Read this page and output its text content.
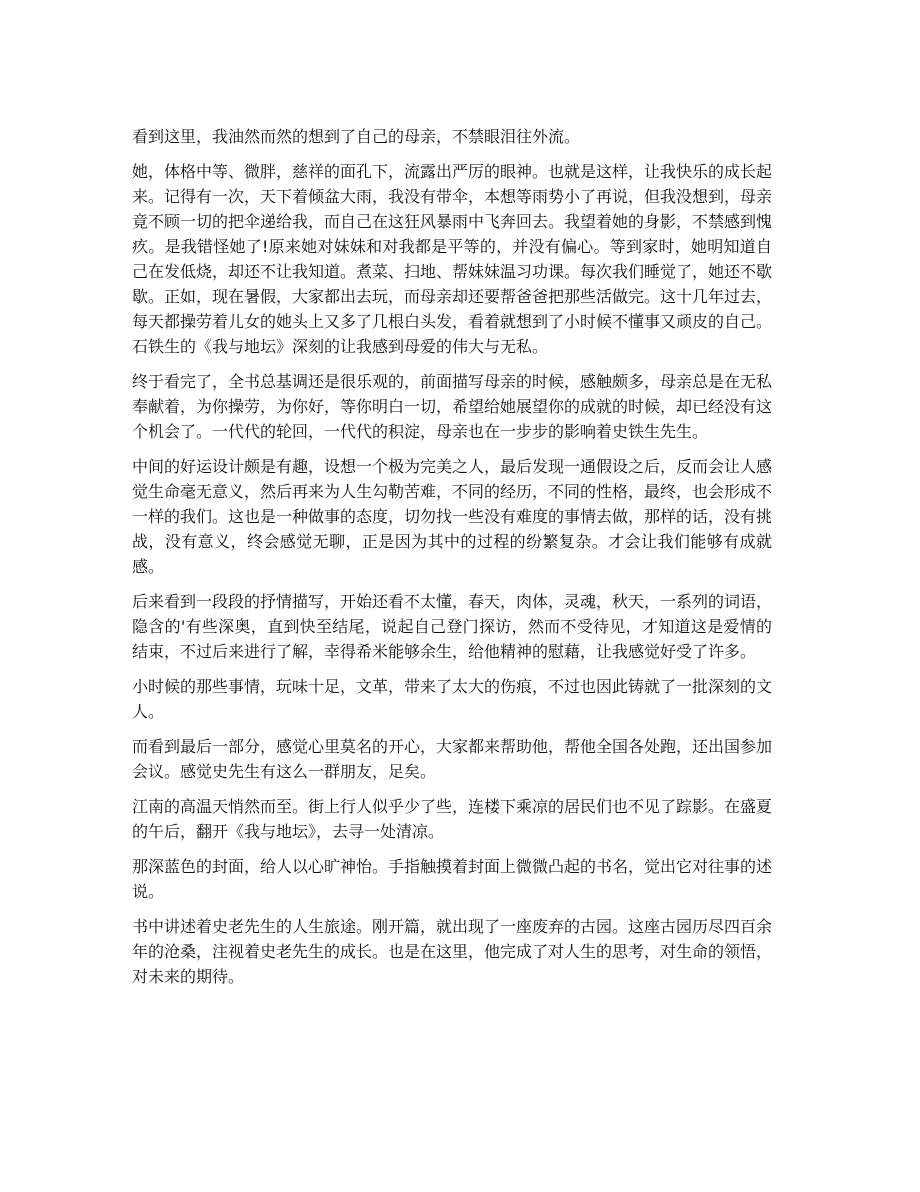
看到这里，我油然而然的想到了自己的母亲，不禁眼泪往外流。

她，体格中等、微胖，慈祥的面孔下，流露出严厉的眼神。也就是这样，让我快乐的成长起来。记得有一次，天下着倾盆大雨，我没有带伞，本想等雨势小了再说，但我没想到，母亲竟不顾一切的把伞递给我，而自己在这狂风暴雨中飞奔回去。我望着她的身影，不禁感到愧疚。是我错怪她了!原来她对妹妹和对我都是平等的，并没有偏心。等到家时，她明知道自己在发低烧，却还不让我知道。煮菜、扫地、帮妹妹温习功课。每次我们睡觉了，她还不歇歇。正如，现在暑假，大家都出去玩，而母亲却还要帮爸爸把那些活做完。这十几年过去，每天都操劳着儿女的她头上又多了几根白头发，看着就想到了小时候不懂事又顽皮的自己。石铁生的《我与地坛》深刻的让我感到母爱的伟大与无私。

终于看完了，全书总基调还是很乐观的，前面描写母亲的时候，感触颇多，母亲总是在无私奉献着，为你操劳，为你好，等你明白一切，希望给她展望你的成就的时候，却已经没有这个机会了。一代代的轮回，一代代的积淀，母亲也在一步步的影响着史铁生先生。

中间的好运设计颇是有趣，设想一个极为完美之人，最后发现一通假设之后，反而会让人感觉生命毫无意义，然后再来为人生勾勒苦难，不同的经历，不同的性格，最终，也会形成不一样的我们。这也是一种做事的态度，切勿找一些没有难度的事情去做，那样的话，没有挑战，没有意义，终会感觉无聊，正是因为其中的过程的纷繁复杂。才会让我们能够有成就感。

后来看到一段段的抒情描写，开始还看不太懂，春天，肉体，灵魂，秋天，一系列的词语，隐含的'有些深奥，直到快至结尾，说起自己登门探访，然而不受待见，才知道这是爱情的结束，不过后来进行了解，幸得希米能够余生，给他精神的慰藉，让我感觉好受了许多。

小时候的那些事情，玩味十足，文革，带来了太大的伤痕，不过也因此铸就了一批深刻的文人。

而看到最后一部分，感觉心里莫名的开心，大家都来帮助他，帮他全国各处跑，还出国参加会议。感觉史先生有这么一群朋友，足矣。

江南的高温天悄然而至。街上行人似乎少了些，连楼下乘凉的居民们也不见了踪影。在盛夏的午后，翻开《我与地坛》，去寻一处清凉。

那深蓝色的封面，给人以心旷神怡。手指触摸着封面上微微凸起的书名，觉出它对往事的述说。

书中讲述着史老先生的人生旅途。刚开篇，就出现了一座废弃的古园。这座古园历尽四百余年的沧桑，注视着史老先生的成长。也是在这里，他完成了对人生的思考，对生命的领悟，对未来的期待。
